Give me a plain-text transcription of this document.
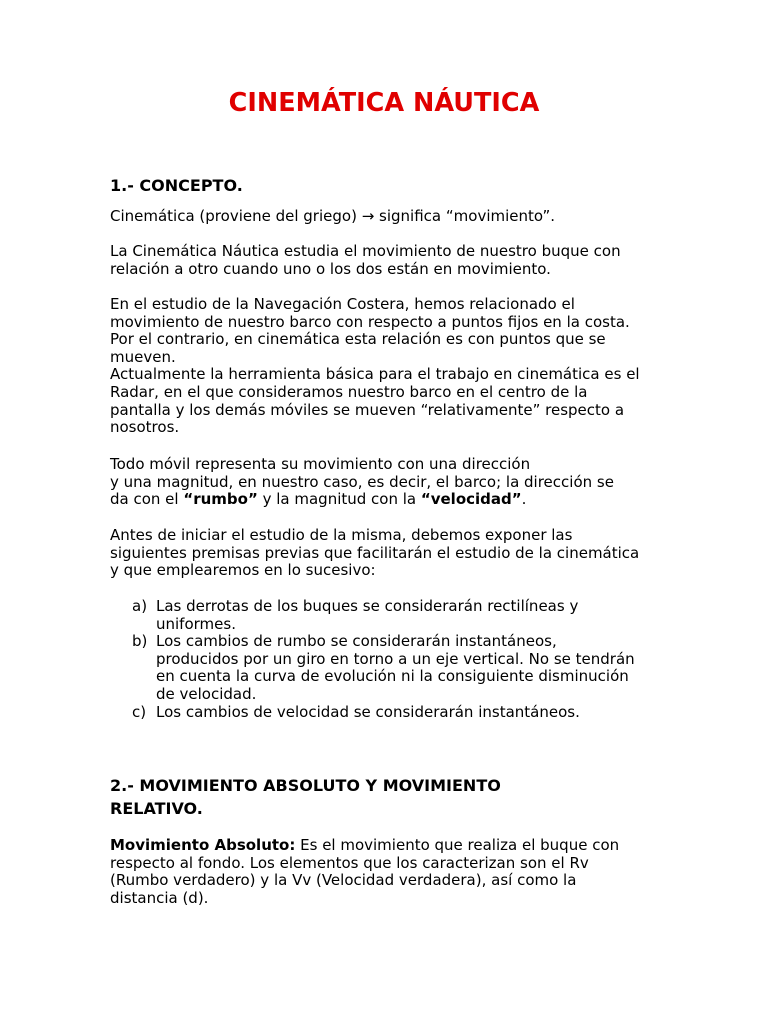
CINEMÁTICA NÁUTICA
1.- CONCEPTO.
Cinemática (proviene del griego) → significa “movimiento”.
La Cinemática Náutica estudia el movimiento de nuestro buque con
relación a otro cuando uno o los dos están en movimiento.
En el estudio de la Navegación Costera, hemos relacionado el
movimiento de nuestro barco con respecto a puntos fijos en la costa.
Por el contrario, en cinemática esta relación es con puntos que se
mueven.
Actualmente la herramienta básica para el trabajo en cinemática es el
Radar, en el que consideramos nuestro barco en el centro de la
pantalla y los demás móviles se mueven “relativamente” respecto a
nosotros.
Todo móvil representa su movimiento con una dirección
y una magnitud, en nuestro caso, es decir, el barco; la dirección se
da con el “rumbo” y la magnitud con la “velocidad”.
Antes de iniciar el estudio de la misma, debemos exponer las
siguientes premisas previas que facilitarán el estudio de la cinemática
y que emplearemos en lo sucesivo:
a) Las derrotas de los buques se considerarán rectilíneas y
uniformes.
b) Los cambios de rumbo se considerarán instantáneos,
producidos por un giro en torno a un eje vertical. No se tendrán
en cuenta la curva de evolución ni la consiguiente disminución
de velocidad.
c) Los cambios de velocidad se considerarán instantáneos.
2.- MOVIMIENTO ABSOLUTO Y MOVIMIENTO
RELATIVO.
Movimiento Absoluto: Es el movimiento que realiza el buque con
respecto al fondo. Los elementos que los caracterizan son el Rv
(Rumbo verdadero) y la Vv (Velocidad verdadera), así como la
distancia (d).
